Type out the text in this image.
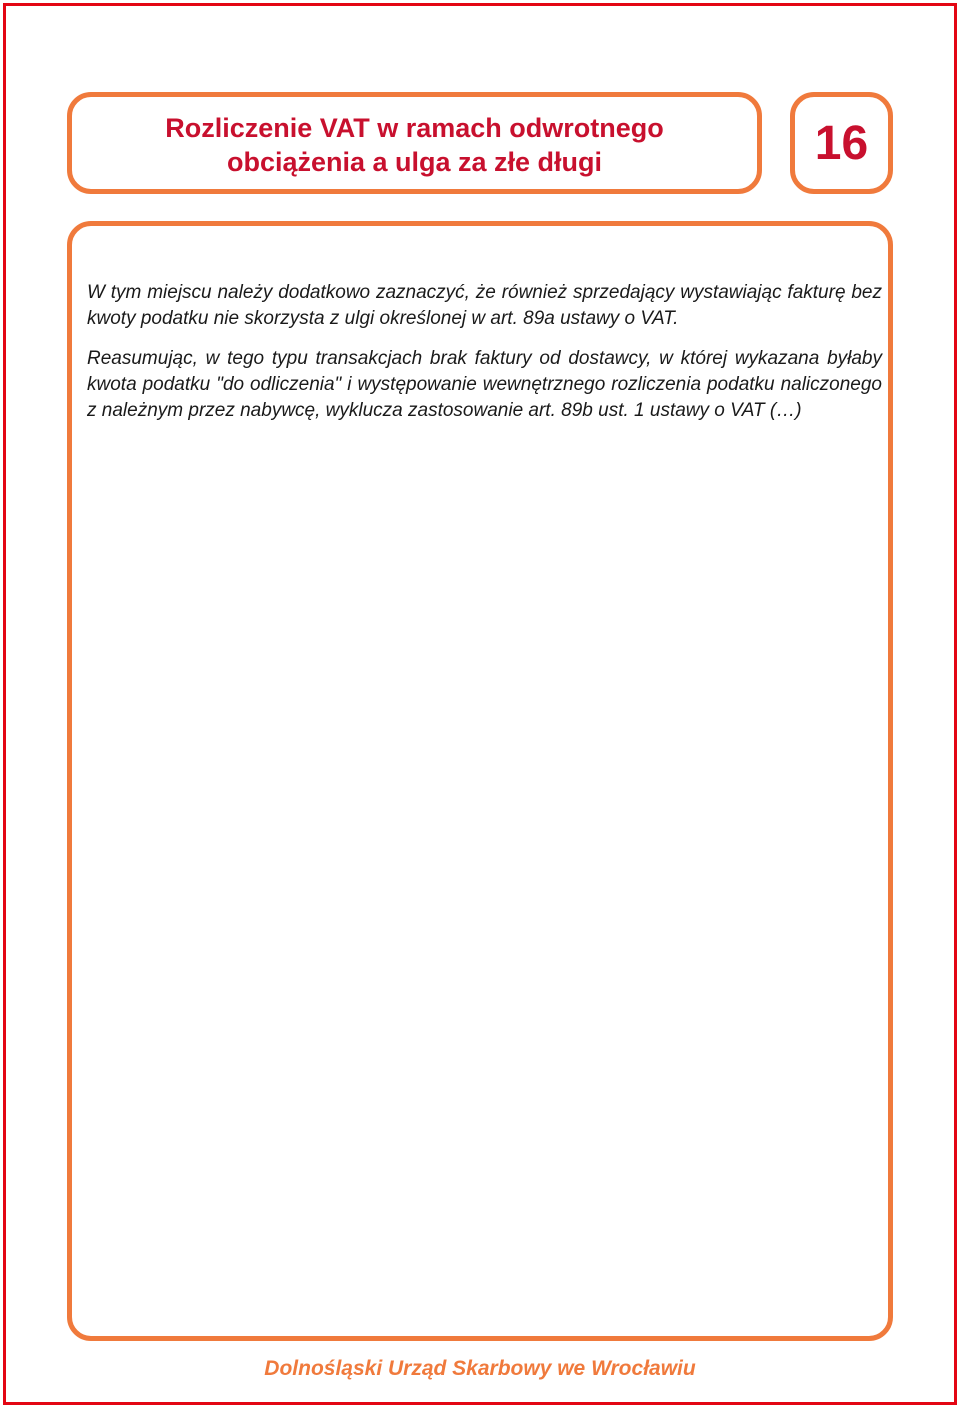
Rozliczenie VAT w ramach odwrotnego
obciążenia a ulga za złe długi	16

W tym miejscu należy dodatkowo zaznaczyć, że również sprzedający wystawiając fakturę bez kwoty podatku nie skorzysta z ulgi określonej w art. 89a ustawy o VAT.

Reasumując, w tego typu transakcjach brak faktury od dostawcy, w której wykazana byłaby kwota podatku "do odliczenia" i występowanie wewnętrznego rozliczenia podatku naliczonego z należnym przez nabywcę, wyklucza zastosowanie art. 89b ust. 1 ustawy o VAT (…)

Dolnośląski Urząd Skarbowy we Wrocławiu
